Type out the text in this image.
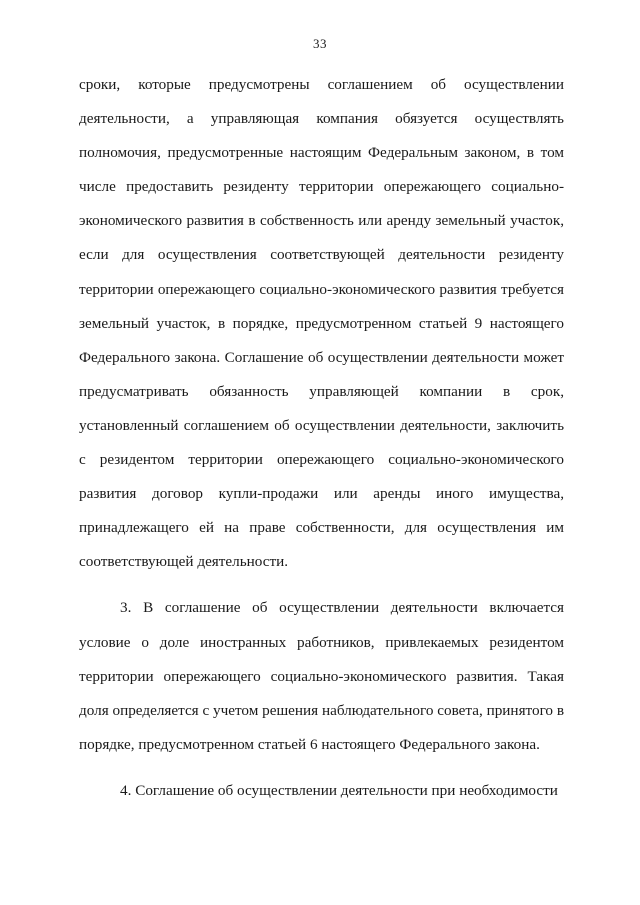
33

сроки, которые предусмотрены соглашением об осуществлении деятельности, а управляющая компания обязуется осуществлять полномочия, предусмотренные настоящим Федеральным законом, в том числе предоставить резиденту территории опережающего социально-экономического развития в собственность или аренду земельный участок, если для осуществления соответствующей деятельности резиденту территории опережающего социально-экономического развития требуется земельный участок, в порядке, предусмотренном статьей 9 настоящего Федерального закона. Соглашение об осуществлении деятельности может предусматривать обязанность управляющей компании в срок, установленный соглашением об осуществлении деятельности, заключить с резидентом территории опережающего социально-экономического развития договор купли-продажи или аренды иного имущества, принадлежащего ей на праве собственности, для осуществления им соответствующей деятельности.

3. В соглашение об осуществлении деятельности включается условие о доле иностранных работников, привлекаемых резидентом территории опережающего социально-экономического развития. Такая доля определяется с учетом решения наблюдательного совета, принятого в порядке, предусмотренном статьей 6 настоящего Федерального закона.

4. Соглашение об осуществлении деятельности при необходимости
